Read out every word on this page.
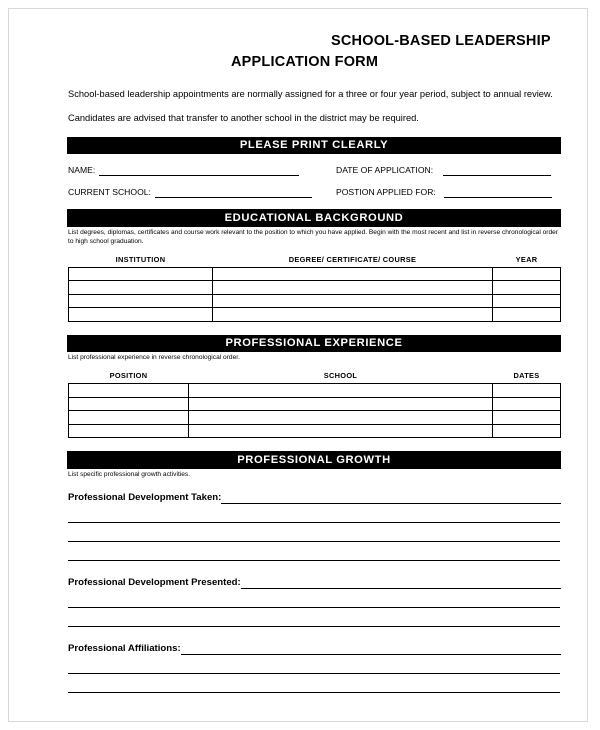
SCHOOL-BASED LEADERSHIP
APPLICATION FORM
School-based leadership appointments are normally assigned for a three or four year period, subject to annual review.
Candidates are advised that transfer to another school in the district may be required.
PLEASE PRINT CLEARLY
NAME:	DATE OF APPLICATION:
CURRENT SCHOOL:	POSTION APPLIED FOR:
EDUCATIONAL BACKGROUND
List degrees, diplomas, certificates and course work relevant to the position to which you have applied. Begin with the most recent and list in reverse chronological order to high school graduation.
INSTITUTION	DEGREE/ CERTIFICATE/ COURSE	YEAR

PROFESSIONAL EXPERIENCE
List professional experience in reverse chronological order.
POSITION	SCHOOL	DATES

PROFESSIONAL GROWTH
List specific professional growth activities.
Professional Development Taken:
Professional Development Presented:
Professional Affiliations:
